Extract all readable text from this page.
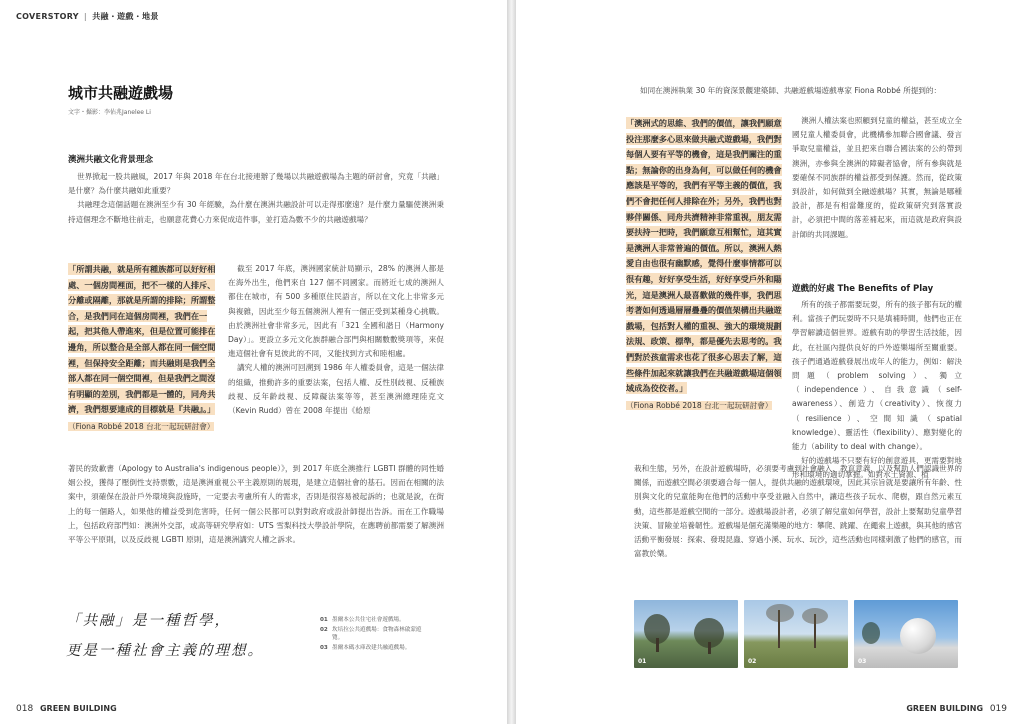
COVERSTORY | 共融・遊戲・地景
城市共融遊戲場
文字・攝影：李佑兆Janelee Li
澳洲共融文化背景理念

世界掀起一股共融風，2017 年與 2018 年在台北接連辦了幾場以共融遊戲場為主題的研討會，究竟「共融」是什麼？為什麼共融如此重要？

共融理念這個話題在澳洲至少有 30 年經驗，為什麼在澳洲共融設計可以走得那麼遠？是什麼力量驅使澳洲秉持這個理念不斷地往前走，也願意花費心力來促成這件事，並打造為數不少的共融遊戲場？

「所謂共融，就是所有種族都可以好好相處、一個房間裡面，把不一樣的人排斥、分離或隔離，那就是所謂的排除；所謂整合，是我們同在這個房間裡，我們在一起，把其他人帶進來，但是位置可能排在邊角，所以整合是全部人都在同一個空間裡，但保持安全距離；而共融則是我們全部人都在同一個空間裡，但是我們之間沒有明顯的差別，我們都是一體的，同舟共濟，我們想要達成的目標就是『共融』。」
（Fiona Robbé 2018 台北一起玩研討會）

截至 2017 年底，澳洲國家統計局顯示，28% 的澳洲人都是在海外出生，他們來自 127 個不同國家。而將近七成的澳洲人都住在城市，有 500 多種原住民語言，所以在文化上非常多元與複雜，因此至少每五個澳洲人裡有一個正受到某種身心挑戰。由於澳洲社會非常多元，因此有「321 全國和諧日（Harmony Day）」。更設立多元文化族群融合部門與相關數數獎項等，來促進這個社會有見彼此的不同，又能找到方式和睦相處。

講究人權的澳洲可回溯到 1986 年人權委員會，這是一個法律的組織，推動許多的重要法案，包括人權、反性別歧視、反種族歧視、反年齡歧視、反障礙法案等等，甚至澳洲總理陸克文（Kevin Rudd）曾在 2008 年提出《給原

著民的致歉書（Apology to Australia's indigenous people）》，到 2017 年底全澳推行 LGBTI 群體的同性婚姻公投，獲得了壓倒性支持票數，這是澳洲重視公平主義原則的展現，是建立這個社會的基石。因而在相關的法案中，須確保在設計戶外環境與設施時，一定要去考慮所有人的需求，否則是很容易被起訴的；也就是說，在街上的每一個路人，如果他的權益受到危害時，任何一個公民都可以對對政府或設計師提出告訴。而在工作職場上，包括政府部門如：澳洲外交部，或高等研究學府如：UTS 雪梨科技大學設計學院，在應聘前都需要了解澳洲平等公平原則，以及反歧視 LGBTI 原則，這是澳洲講究人權之訴求。

「共融」是一種哲學，
更是一種社會主義的理想。
01 墨爾本公共住宅社會遊戲場。
02 坎培拉公共遊戲場：食物森林啟蒙遊覽。
03 墨爾本碼水庫改建共融遊戲場。
018 GREEN BUILDING

如同在澳洲執業 30 年的資深景觀建築師、共融遊戲場遊戲專家 Fiona Robbé 所提到的：

「澳洲式的思維、我們的價值，讓我們願意投注那麼多心思來做共融式遊戲場，我們對每個人要有平等的機會，這是我們關注的重點；無論你的出身為何，可以做任何的機會應該是平等的，我們有平等主義的價值，我們不會把任何人排除在外；另外，我們也對夥伴關係、同舟共濟精神非常重視，朋友需要扶持一把時，我們願意互相幫忙，這其實是澳洲人非常普遍的價值。所以，澳洲人熱愛自由也很有幽默感，覺得什麼事情都可以很有趣，好好享受生活，好好享受戶外和陽光，這是澳洲人最喜歡做的幾件事，我們思考著如何透過層層疊疊的價值架構出共融遊戲場，包括對人權的重視、強大的環境規劃法規、政策、標準，都是優先去思考的。我們對於孩童需求也花了很多心思去了解，這些條件加起來就讓我們在共融遊戲場這個領域成為佼佼者。」
（Fiona Robbé 2018 台北一起玩研討會）

澳洲人權法案也照顧到兒童的權益，甚至成立全國兒童人權委員會，此機構參加聯合國會議、發言爭取兒童權益，並且把來自聯合國法案的公約帶到澳洲，亦參與全澳洲的障礙者協會，所有參與就是要確保不同族群的權益都受到保護。然而，從政策到設計，如何做到全融遊戲場？其實，無論是哪種設計，都是有相當難度的，從政策研究到落實設計，必須把中間的落差補起來，而這就是政府與設計師的共同課題。

遊戲的好處 The Benefits of Play

所有的孩子都需要玩耍，所有的孩子都有玩的權利。當孩子們玩耍時不只是填補時間，他們也正在學習解讀這個世界。遊戲有助的學習生活技能，因此，在社區內提供良好的戶外遊樂場所至關重要。孩子們通過遊戲發展出成年人的能力，例如：解決問題（problem solving）、獨立（independence）、自我意識（self-awareness）、創造力（creativity）、恢復力（resilience）、空間知識（spatial knowledge）、靈活性（flexibility）、應對變化的能力（ability to deal with change）。

好的遊戲場不只要有好的創意遊具，更需要對地形和環境的適切掌握。如對水土資源、植

栽和生態，另外，在設計遊戲場時，必須要考慮到社會融入、教育意義，以及幫助人們認識世界的關係，而遊戲空間必須要適合每一個人，提供共融的遊戲環境，因此其宗旨就是要讓所有年齡、性別與文化的兒童能夠在他們的活動中享受並融入自然中，讓這些孩子玩水、爬樹，跟自然元素互動，這些都是遊戲空間的一部分。遊戲場設計者，必須了解兒童如何學習，設計上要幫助兒童學習決策、冒險並培養韌性。遊戲場是個充滿樂趣的地方：攀爬、跳躍、在繩索上遊戲，與其他的感官活動平衡發展：探索、發現昆蟲、穿過小溪、玩水、玩沙，這些活動也同樣刺激了他們的感官，而富教於樂。

01	02	03
GREEN BUILDING 019
